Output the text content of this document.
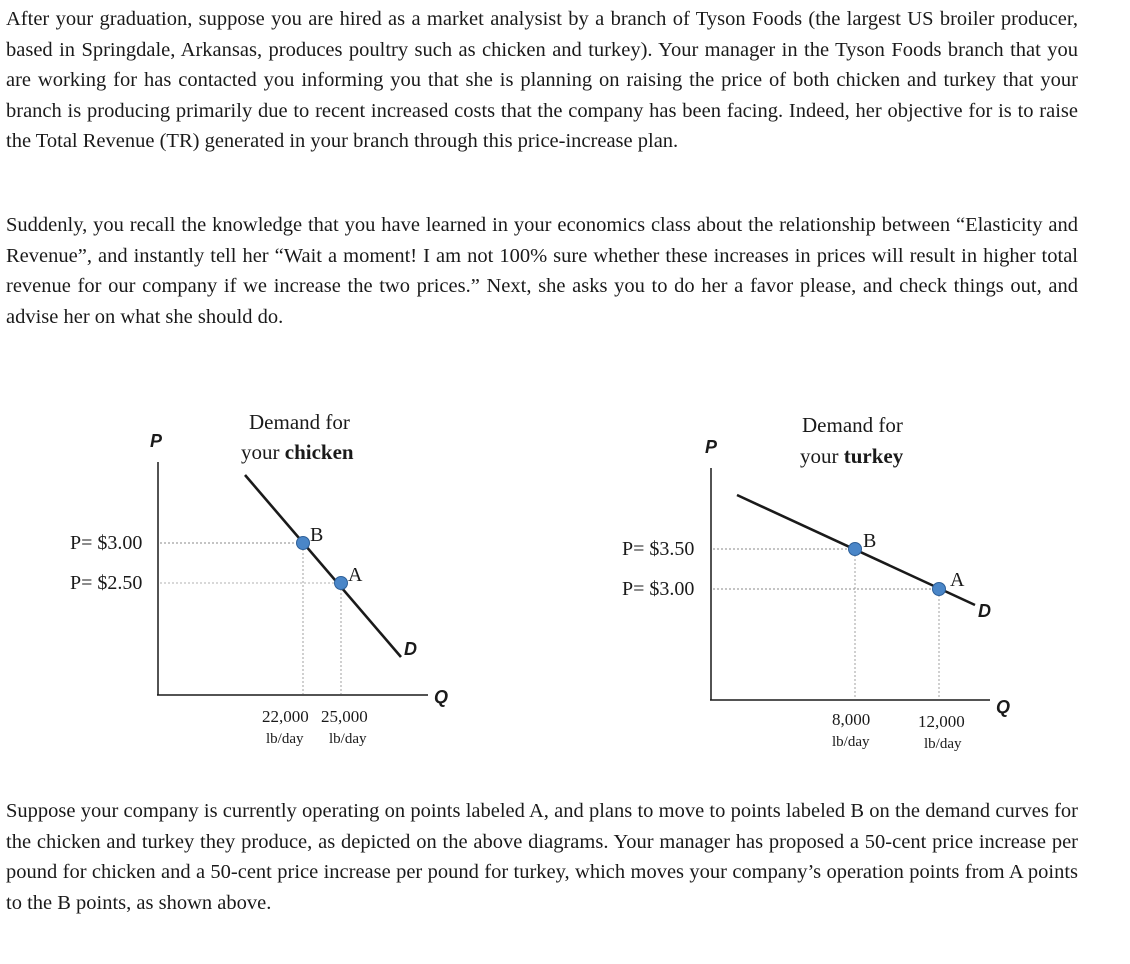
After your graduation, suppose you are hired as a market analysist by a branch of Tyson Foods (the largest US broiler producer, based in Springdale, Arkansas, produces poultry such as chicken and turkey). Your manager in the Tyson Foods branch that you are working for has contacted you informing you that she is planning on raising the price of both chicken and turkey that your branch is producing primarily due to recent increased costs that the company has been facing. Indeed, her objective for is to raise the Total Revenue (TR) generated in your branch through this price-increase plan.

Suddenly, you recall the knowledge that you have learned in your economics class about the relationship between “Elasticity and Revenue”, and instantly tell her “Wait a moment! I am not 100% sure whether these increases in prices will result in higher total revenue for our company if we increase the two prices.” Next, she asks you to do her a favor please, and check things out, and advise her on what she should do.

Suppose your company is currently operating on points labeled A, and plans to move to points labeled B on the demand curves for the chicken and turkey they produce, as depicted on the above diagrams. Your manager has proposed a 50-cent price increase per pound for chicken and a 50-cent price increase per pound for turkey, which moves your company’s operation points from A points to the B points, as shown above.

Demand for
your chicken
P
Q
D
B
A
P= $3.00
P= $2.50
22,000 25,000
lb/day lb/day
Demand for
your turkey
P
Q
D
B
A
P= $3.50
P= $3.00
8,000	12,000
lb/day	lb/day
